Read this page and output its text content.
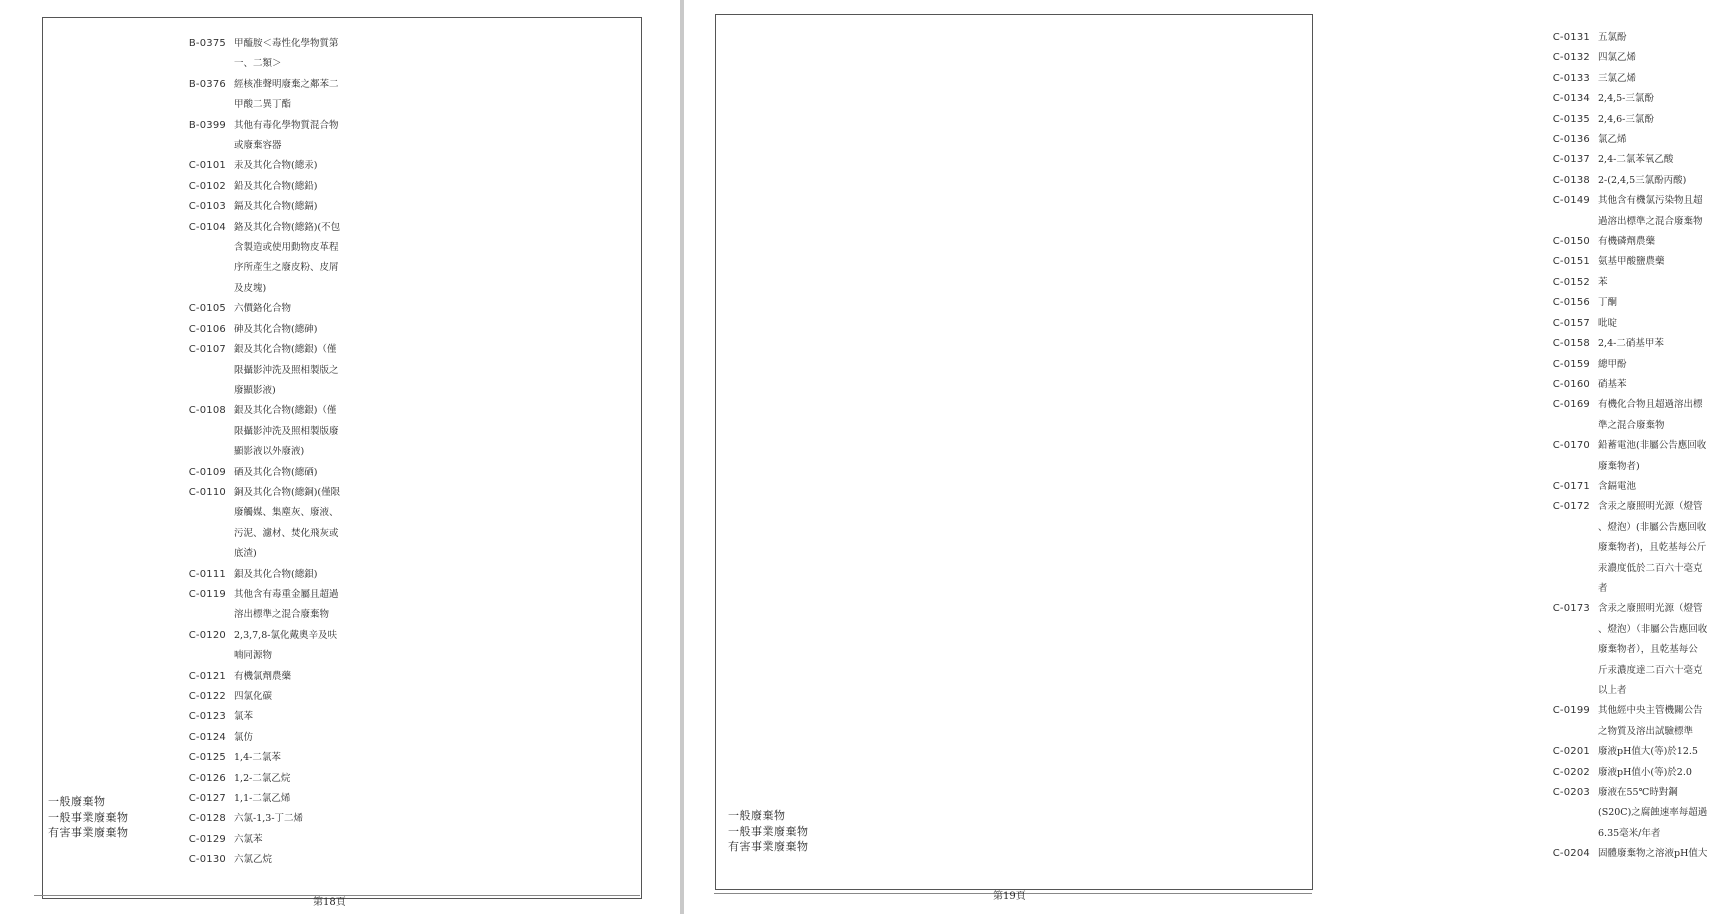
B-0375 甲醯胺＜毒性化學物質第
一、二類＞
B-0376 經核准聲明廢棄之鄰苯二
甲酸二異丁酯
B-0399 其他有毒化學物質混合物
或廢棄容器
C-0101 汞及其化合物(總汞)
C-0102 鉛及其化合物(總鉛)
C-0103 鎘及其化合物(總鎘)
C-0104 鉻及其化合物(總鉻)(不包
含製造或使用動物皮革程
序所產生之廢皮粉、皮屑
及皮塊)
C-0105 六價鉻化合物
C-0106 砷及其化合物(總砷)
C-0107 銀及其化合物(總銀)（僅
限攝影沖洗及照相製版之
廢顯影液)
C-0108 銀及其化合物(總銀)（僅
限攝影沖洗及照相製版廢
顯影液以外廢液)
C-0109 硒及其化合物(總硒)
C-0110 銅及其化合物(總銅)(僅限
廢觸媒、集塵灰、廢液、
污泥、濾材、焚化飛灰或
底渣)
C-0111 鋇及其化合物(總鋇)
C-0119 其他含有毒重金屬且超過
溶出標準之混合廢棄物
C-0120 2,3,7,8-氯化戴奧辛及呋
喃同源物
C-0121 有機氯劑農藥
C-0122 四氯化碳
C-0123 氯苯
C-0124 氯仿
C-0125 1,4-二氯苯
C-0126 1,2-二氯乙烷
C-0127 1,1-二氯乙烯
C-0128 六氯-1,3-丁二烯
C-0129 六氯苯
C-0130 六氯乙烷
一般廢棄物
一般事業廢棄物
有害事業廢棄物
第18頁
C-0131 五氯酚
C-0132 四氯乙烯
C-0133 三氯乙烯
C-0134 2,4,5-三氯酚
C-0135 2,4,6-三氯酚
C-0136 氯乙烯
C-0137 2,4-二氯苯氧乙酸
C-0138 2-(2,4,5三氯酚丙酸)
C-0149 其他含有機氯污染物且超
過溶出標準之混合廢棄物
C-0150 有機磷劑農藥
C-0151 氨基甲酸鹽農藥
C-0152 苯
C-0156 丁酮
C-0157 吡啶
C-0158 2,4-二硝基甲苯
C-0159 總甲酚
C-0160 硝基苯
C-0169 有機化合物且超過溶出標
準之混合廢棄物
C-0170 鉛蓄電池(非屬公告應回收
廢棄物者)
C-0171 含鎘電池
C-0172 含汞之廢照明光源（燈管
、燈泡）(非屬公告應回收
廢棄物者)，且乾基每公斤
汞濃度低於二百六十毫克
者
C-0173 含汞之廢照明光源（燈管
、燈泡）（非屬公告應回收
廢棄物者），且乾基每公
斤汞濃度達二百六十毫克
以上者
C-0199 其他經中央主管機關公告
之物質及溶出試驗標準
C-0201 廢液pH值大(等)於12.5
C-0202 廢液pH值小(等)於2.0
C-0203 廢液在55℃時對鋼
(S20C)之腐蝕速率每超過
6.35毫米/年者
C-0204 固體廢棄物之溶液pH值大
一般廢棄物
一般事業廢棄物
有害事業廢棄物
第19頁
